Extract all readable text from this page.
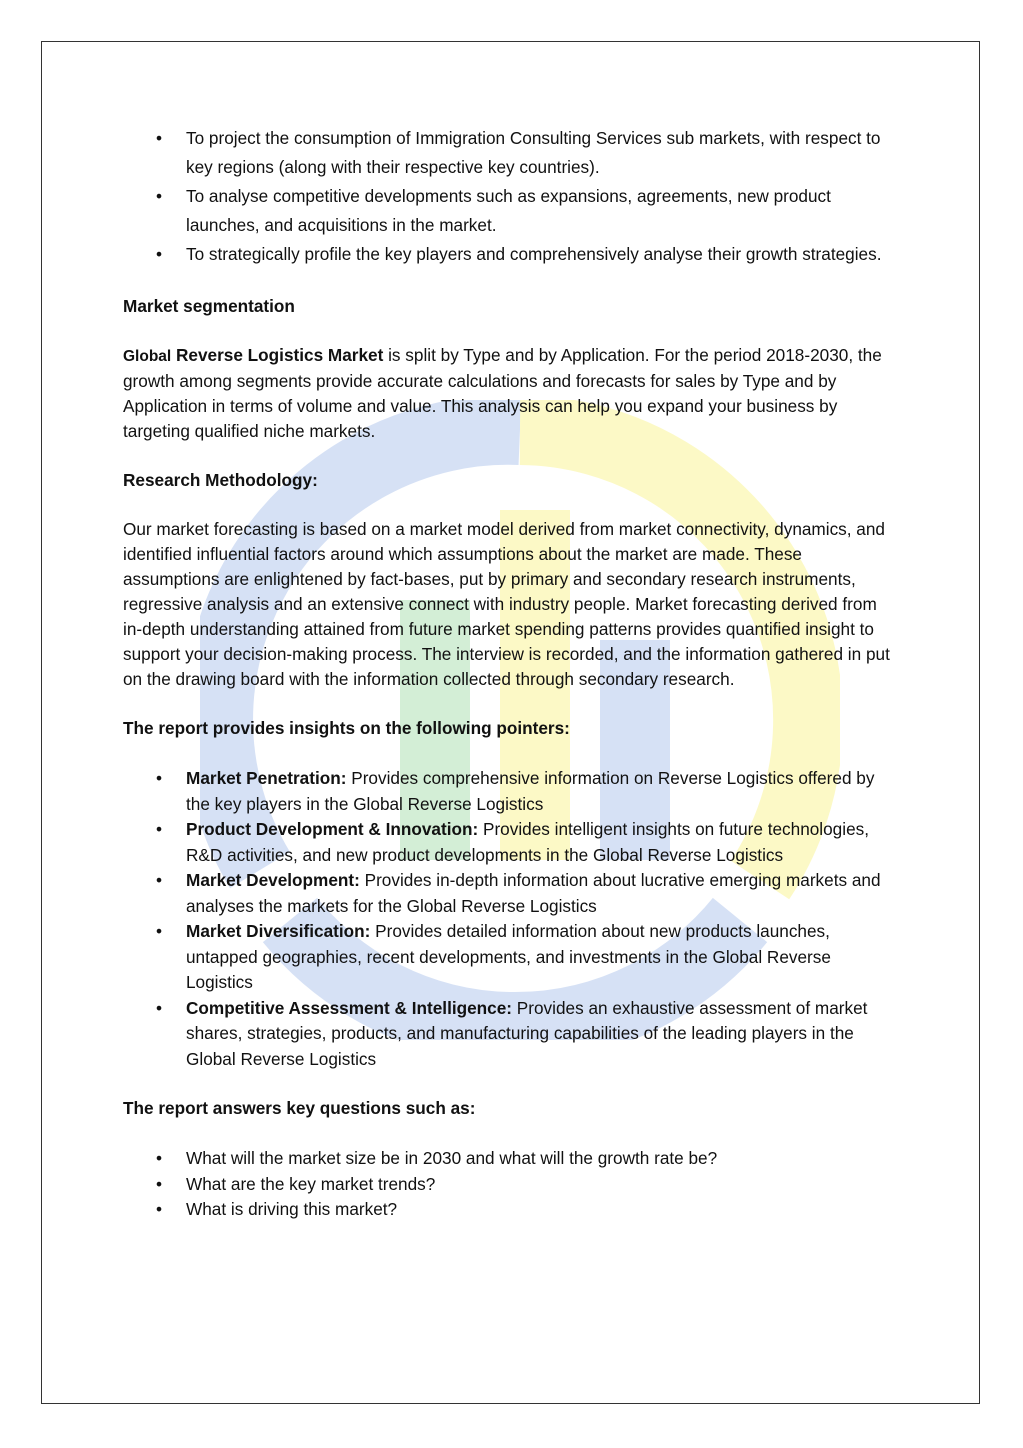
• To project the consumption of Immigration Consulting Services sub markets, with respect to key regions (along with their respective key countries).
• To analyse competitive developments such as expansions, agreements, new product launches, and acquisitions in the market.
• To strategically profile the key players and comprehensively analyse their growth strategies.

Market segmentation

Global Reverse Logistics Market is split by Type and by Application. For the period 2018-2030, the growth among segments provide accurate calculations and forecasts for sales by Type and by Application in terms of volume and value. This analysis can help you expand your business by targeting qualified niche markets.

Research Methodology:

Our market forecasting is based on a market model derived from market connectivity, dynamics, and identified influential factors around which assumptions about the market are made. These assumptions are enlightened by fact-bases, put by primary and secondary research instruments, regressive analysis and an extensive connect with industry people. Market forecasting derived from in-depth understanding attained from future market spending patterns provides quantified insight to support your decision-making process. The interview is recorded, and the information gathered in put on the drawing board with the information collected through secondary research.

The report provides insights on the following pointers:

• Market Penetration: Provides comprehensive information on Reverse Logistics offered by the key players in the Global Reverse Logistics
• Product Development & Innovation: Provides intelligent insights on future technologies, R&D activities, and new product developments in the Global Reverse Logistics
• Market Development: Provides in-depth information about lucrative emerging markets and analyses the markets for the Global Reverse Logistics
• Market Diversification: Provides detailed information about new products launches, untapped geographies, recent developments, and investments in the Global Reverse Logistics
• Competitive Assessment & Intelligence: Provides an exhaustive assessment of market shares, strategies, products, and manufacturing capabilities of the leading players in the Global Reverse Logistics

The report answers key questions such as:

• What will the market size be in 2030 and what will the growth rate be?
• What are the key market trends?
• What is driving this market?
